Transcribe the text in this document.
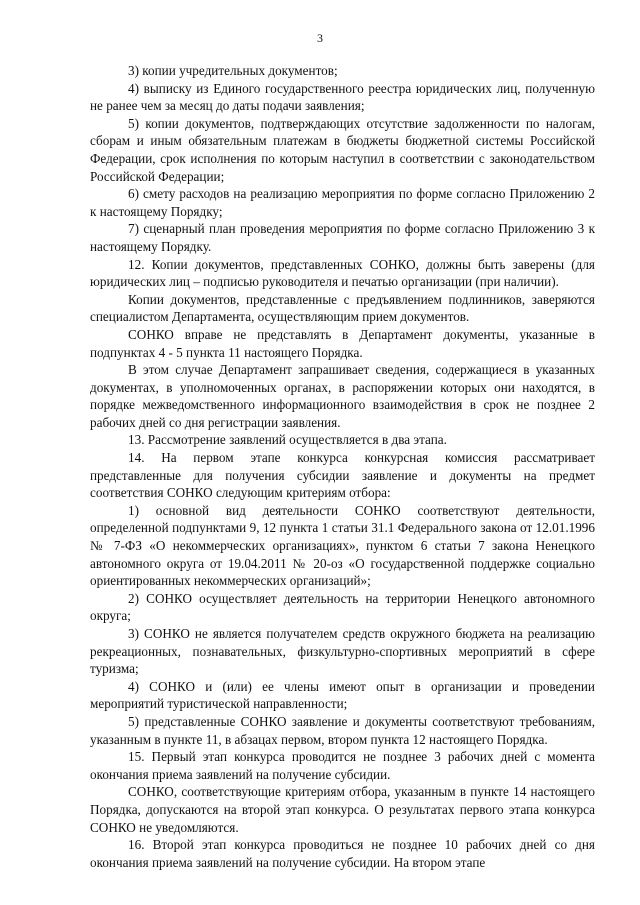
3

3) копии учредительных документов;

4) выписку из Единого государственного реестра юридических лиц, полученную не ранее чем за месяц до даты подачи заявления;

5) копии документов, подтверждающих отсутствие задолженности по налогам, сборам и иным обязательным платежам в бюджеты бюджетной системы Российской Федерации, срок исполнения по которым наступил в соответствии с законодательством Российской Федерации;

6) смету расходов на реализацию мероприятия по форме согласно Приложению 2 к настоящему Порядку;

7) сценарный план проведения мероприятия по форме согласно Приложению 3 к настоящему Порядку.

12. Копии документов, представленных СОНКО, должны быть заверены (для юридических лиц – подписью руководителя и печатью организации (при наличии).

Копии документов, представленные с предъявлением подлинников, заверяются специалистом Департамента, осуществляющим прием документов.

СОНКО вправе не представлять в Департамент документы, указанные в подпунктах 4 - 5 пункта 11 настоящего Порядка.

В этом случае Департамент запрашивает сведения, содержащиеся в указанных документах, в уполномоченных органах, в распоряжении которых они находятся, в порядке межведомственного информационного взаимодействия в срок не позднее 2 рабочих дней со дня регистрации заявления.

13. Рассмотрение заявлений осуществляется в два этапа.

14. На первом этапе конкурса конкурсная комиссия рассматривает представленные для получения субсидии заявление и документы на предмет соответствия СОНКО следующим критериям отбора:

1) основной вид деятельности СОНКО соответствуют деятельности, определенной подпунктами 9, 12 пункта 1 статьи 31.1 Федерального закона от 12.01.1996 № 7-ФЗ «О некоммерческих организациях», пунктом 6 статьи 7 закона Ненецкого автономного округа от 19.04.2011 № 20-оз «О государственной поддержке социально ориентированных некоммерческих организаций»;

2) СОНКО осуществляет деятельность на территории Ненецкого автономного округа;

3) СОНКО не является получателем средств окружного бюджета на реализацию рекреационных, познавательных, физкультурно-спортивных мероприятий в сфере туризма;

4) СОНКО и (или) ее члены имеют опыт в организации и проведении мероприятий туристической направленности;

5) представленные СОНКО заявление и документы соответствуют требованиям, указанным в пункте 11, в абзацах первом, втором пункта 12 настоящего Порядка.

15. Первый этап конкурса проводится не позднее 3 рабочих дней с момента окончания приема заявлений на получение субсидии.

СОНКО, соответствующие критериям отбора, указанным в пункте 14 настоящего Порядка, допускаются на второй этап конкурса. О результатах первого этапа конкурса СОНКО не уведомляются.

16. Второй этап конкурса проводиться не позднее 10 рабочих дней со дня окончания приема заявлений на получение субсидии. На втором этапе
